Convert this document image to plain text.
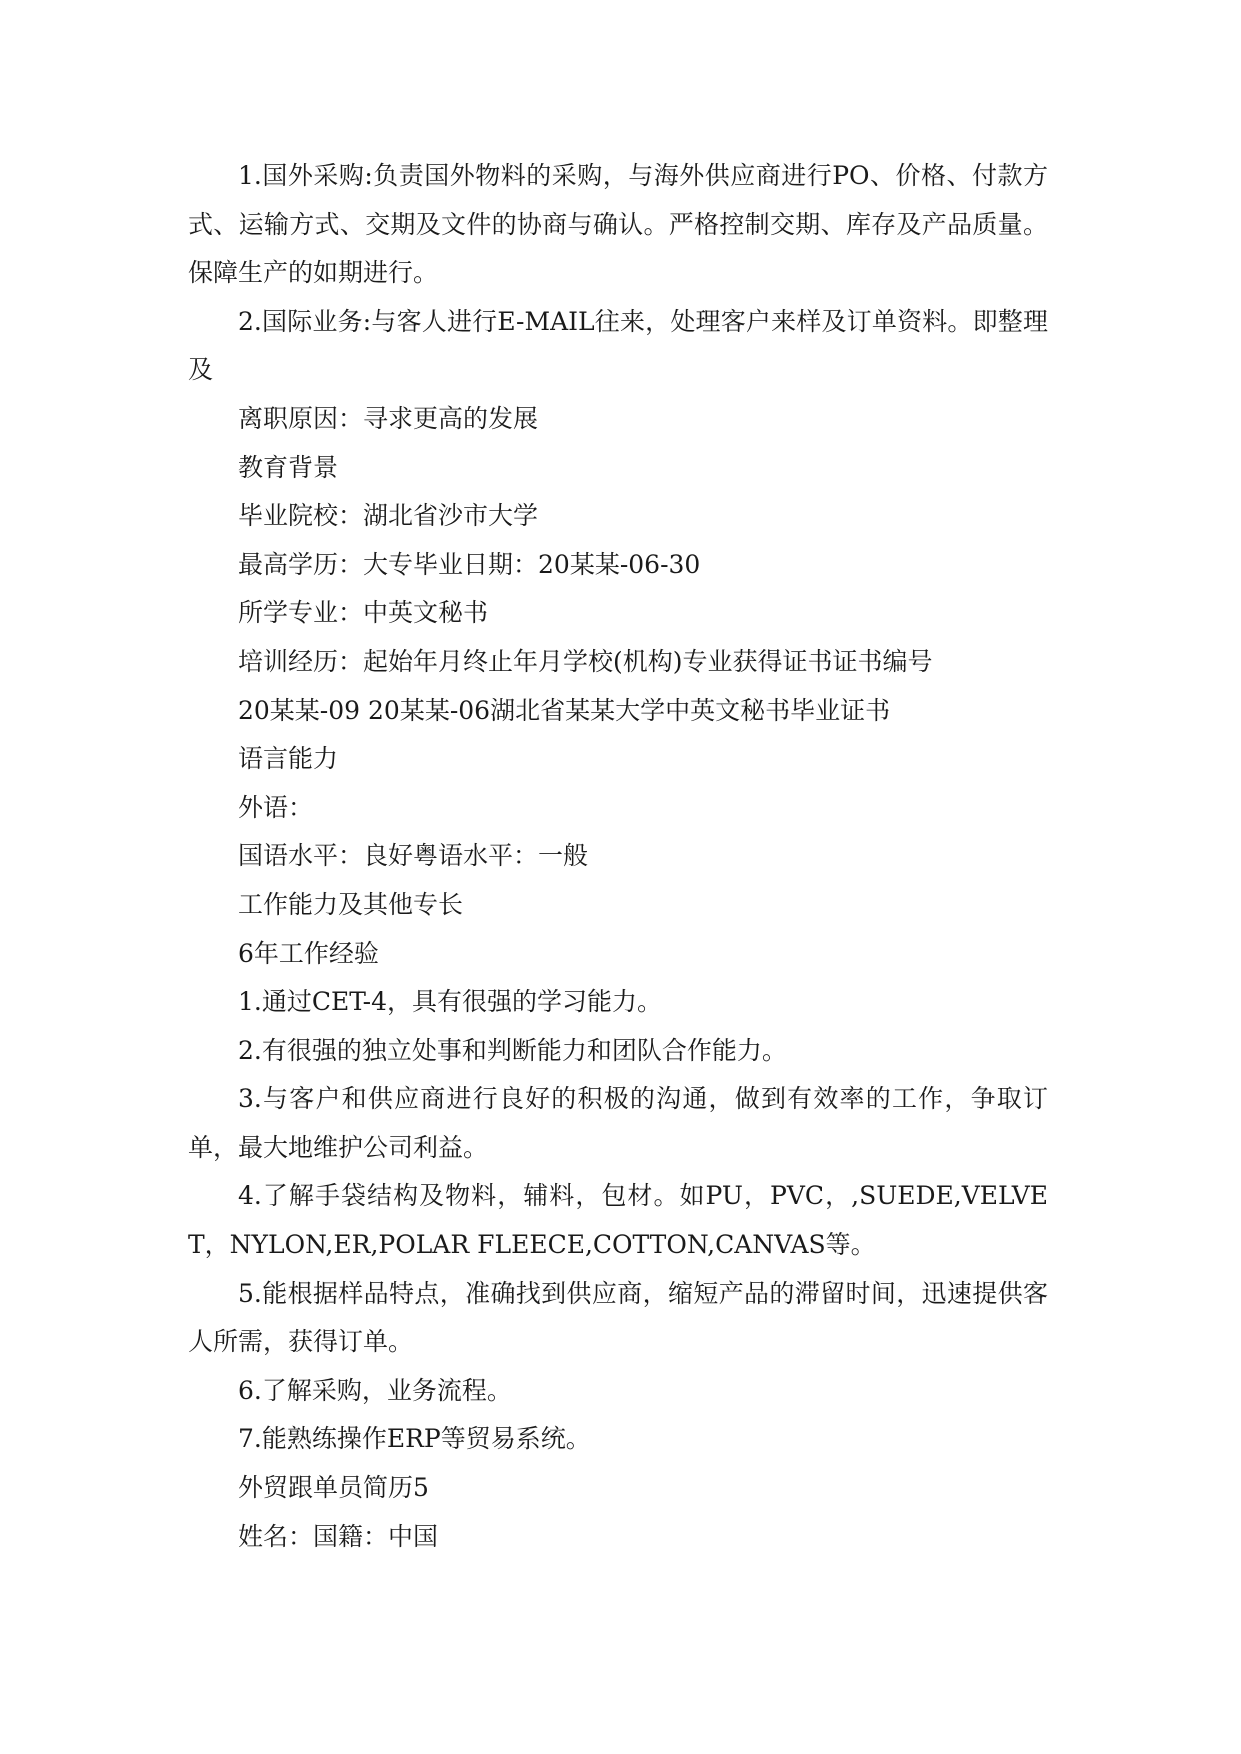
1.国外采购:负责国外物料的采购，与海外供应商进行PO、价格、付款方式、运输方式、交期及文件的协商与确认。严格控制交期、库存及产品质量。保障生产的如期进行。

2.国际业务:与客人进行E-MAIL往来，处理客户来样及订单资料。即整理及

离职原因：寻求更高的发展

教育背景

毕业院校：湖北省沙市大学

最高学历：大专毕业日期：20某某-06-30

所学专业：中英文秘书

培训经历：起始年月终止年月学校(机构)专业获得证书证书编号

20某某-09 20某某-06湖北省某某大学中英文秘书毕业证书

语言能力

外语：

国语水平：良好粤语水平：一般

工作能力及其他专长

6年工作经验

1.通过CET-4，具有很强的学习能力。

2.有很强的独立处事和判断能力和团队合作能力。

3.与客户和供应商进行良好的积极的沟通，做到有效率的工作，争取订单，最大地维护公司利益。

4.了解手袋结构及物料，辅料，包材。如PU，PVC，,SUEDE,VELVET，NYLON,ER,POLAR FLEECE,COTTON,CANVAS等。

5.能根据样品特点，准确找到供应商，缩短产品的滞留时间，迅速提供客人所需，获得订单。

6.了解采购，业务流程。

7.能熟练操作ERP等贸易系统。

外贸跟单员简历5

姓名：国籍：中国
